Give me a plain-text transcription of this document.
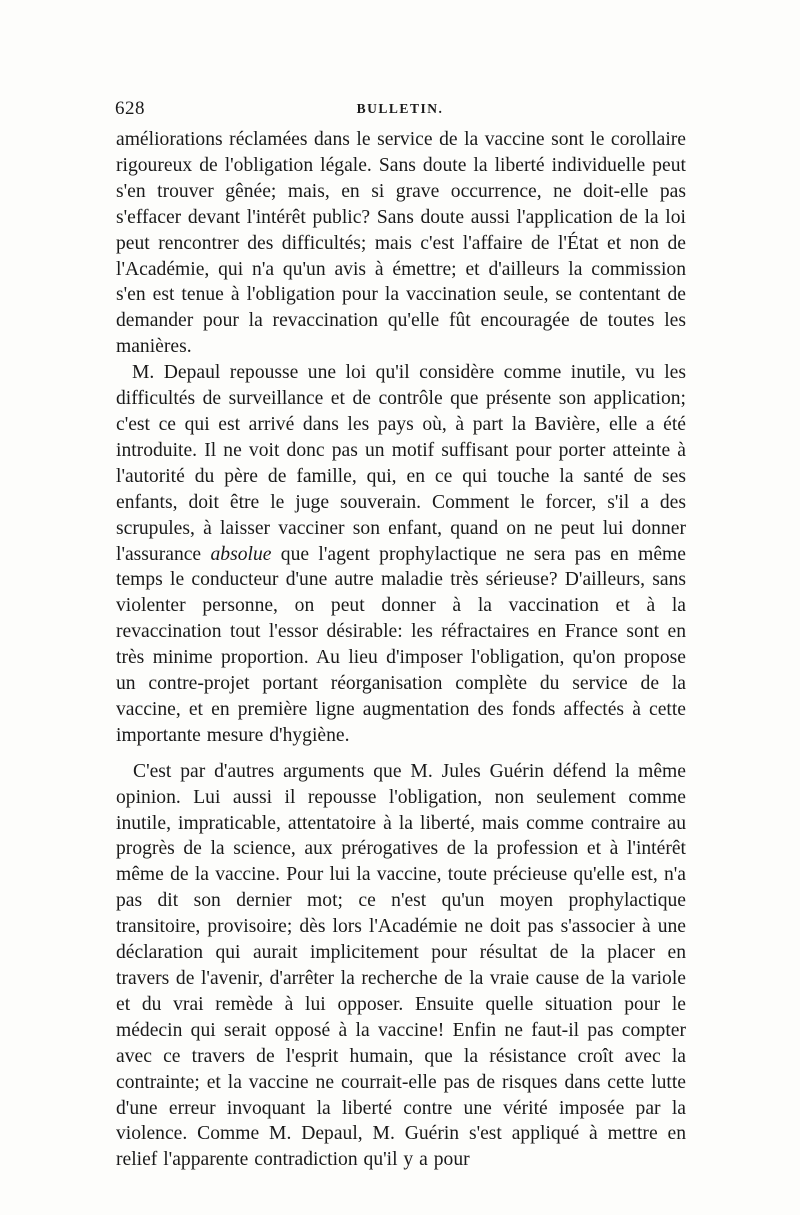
628	BULLETIN.

améliorations réclamées dans le service de la vaccine sont le corollaire rigoureux de l'obligation légale. Sans doute la liberté individuelle peut s'en trouver gênée; mais, en si grave occurrence, ne doit-elle pas s'effacer devant l'intérêt public? Sans doute aussi l'application de la loi peut rencontrer des difficultés; mais c'est l'affaire de l'État et non de l'Académie, qui n'a qu'un avis à émettre; et d'ailleurs la commission s'en est tenue à l'obligation pour la vaccination seule, se contentant de demander pour la revaccination qu'elle fût encouragée de toutes les manières.

M. Depaul repousse une loi qu'il considère comme inutile, vu les difficultés de surveillance et de contrôle que présente son application; c'est ce qui est arrivé dans les pays où, à part la Bavière, elle a été introduite. Il ne voit donc pas un motif suffisant pour porter atteinte à l'autorité du père de famille, qui, en ce qui touche la santé de ses enfants, doit être le juge souverain. Comment le forcer, s'il a des scrupules, à laisser vacciner son enfant, quand on ne peut lui donner l'assurance absolue que l'agent prophylactique ne sera pas en même temps le conducteur d'une autre maladie très sérieuse? D'ailleurs, sans violenter personne, on peut donner à la vaccination et à la revaccination tout l'essor désirable: les réfractaires en France sont en très minime proportion. Au lieu d'imposer l'obligation, qu'on propose un contre-projet portant réorganisation complète du service de la vaccine, et en première ligne augmentation des fonds affectés à cette importante mesure d'hygiène.

C'est par d'autres arguments que M. Jules Guérin défend la même opinion. Lui aussi il repousse l'obligation, non seulement comme inutile, impraticable, attentatoire à la liberté, mais comme contraire au progrès de la science, aux prérogatives de la profession et à l'intérêt même de la vaccine. Pour lui la vaccine, toute précieuse qu'elle est, n'a pas dit son dernier mot; ce n'est qu'un moyen prophylactique transitoire, provisoire; dès lors l'Académie ne doit pas s'associer à une déclaration qui aurait implicitement pour résultat de la placer en travers de l'avenir, d'arrêter la recherche de la vraie cause de la variole et du vrai remède à lui opposer. Ensuite quelle situation pour le médecin qui serait opposé à la vaccine! Enfin ne faut-il pas compter avec ce travers de l'esprit humain, que la résistance croît avec la contrainte; et la vaccine ne courrait-elle pas de risques dans cette lutte d'une erreur invoquant la liberté contre une vérité imposée par la violence. Comme M. Depaul, M. Guérin s'est appliqué à mettre en relief l'apparente contradiction qu'il y a pour
